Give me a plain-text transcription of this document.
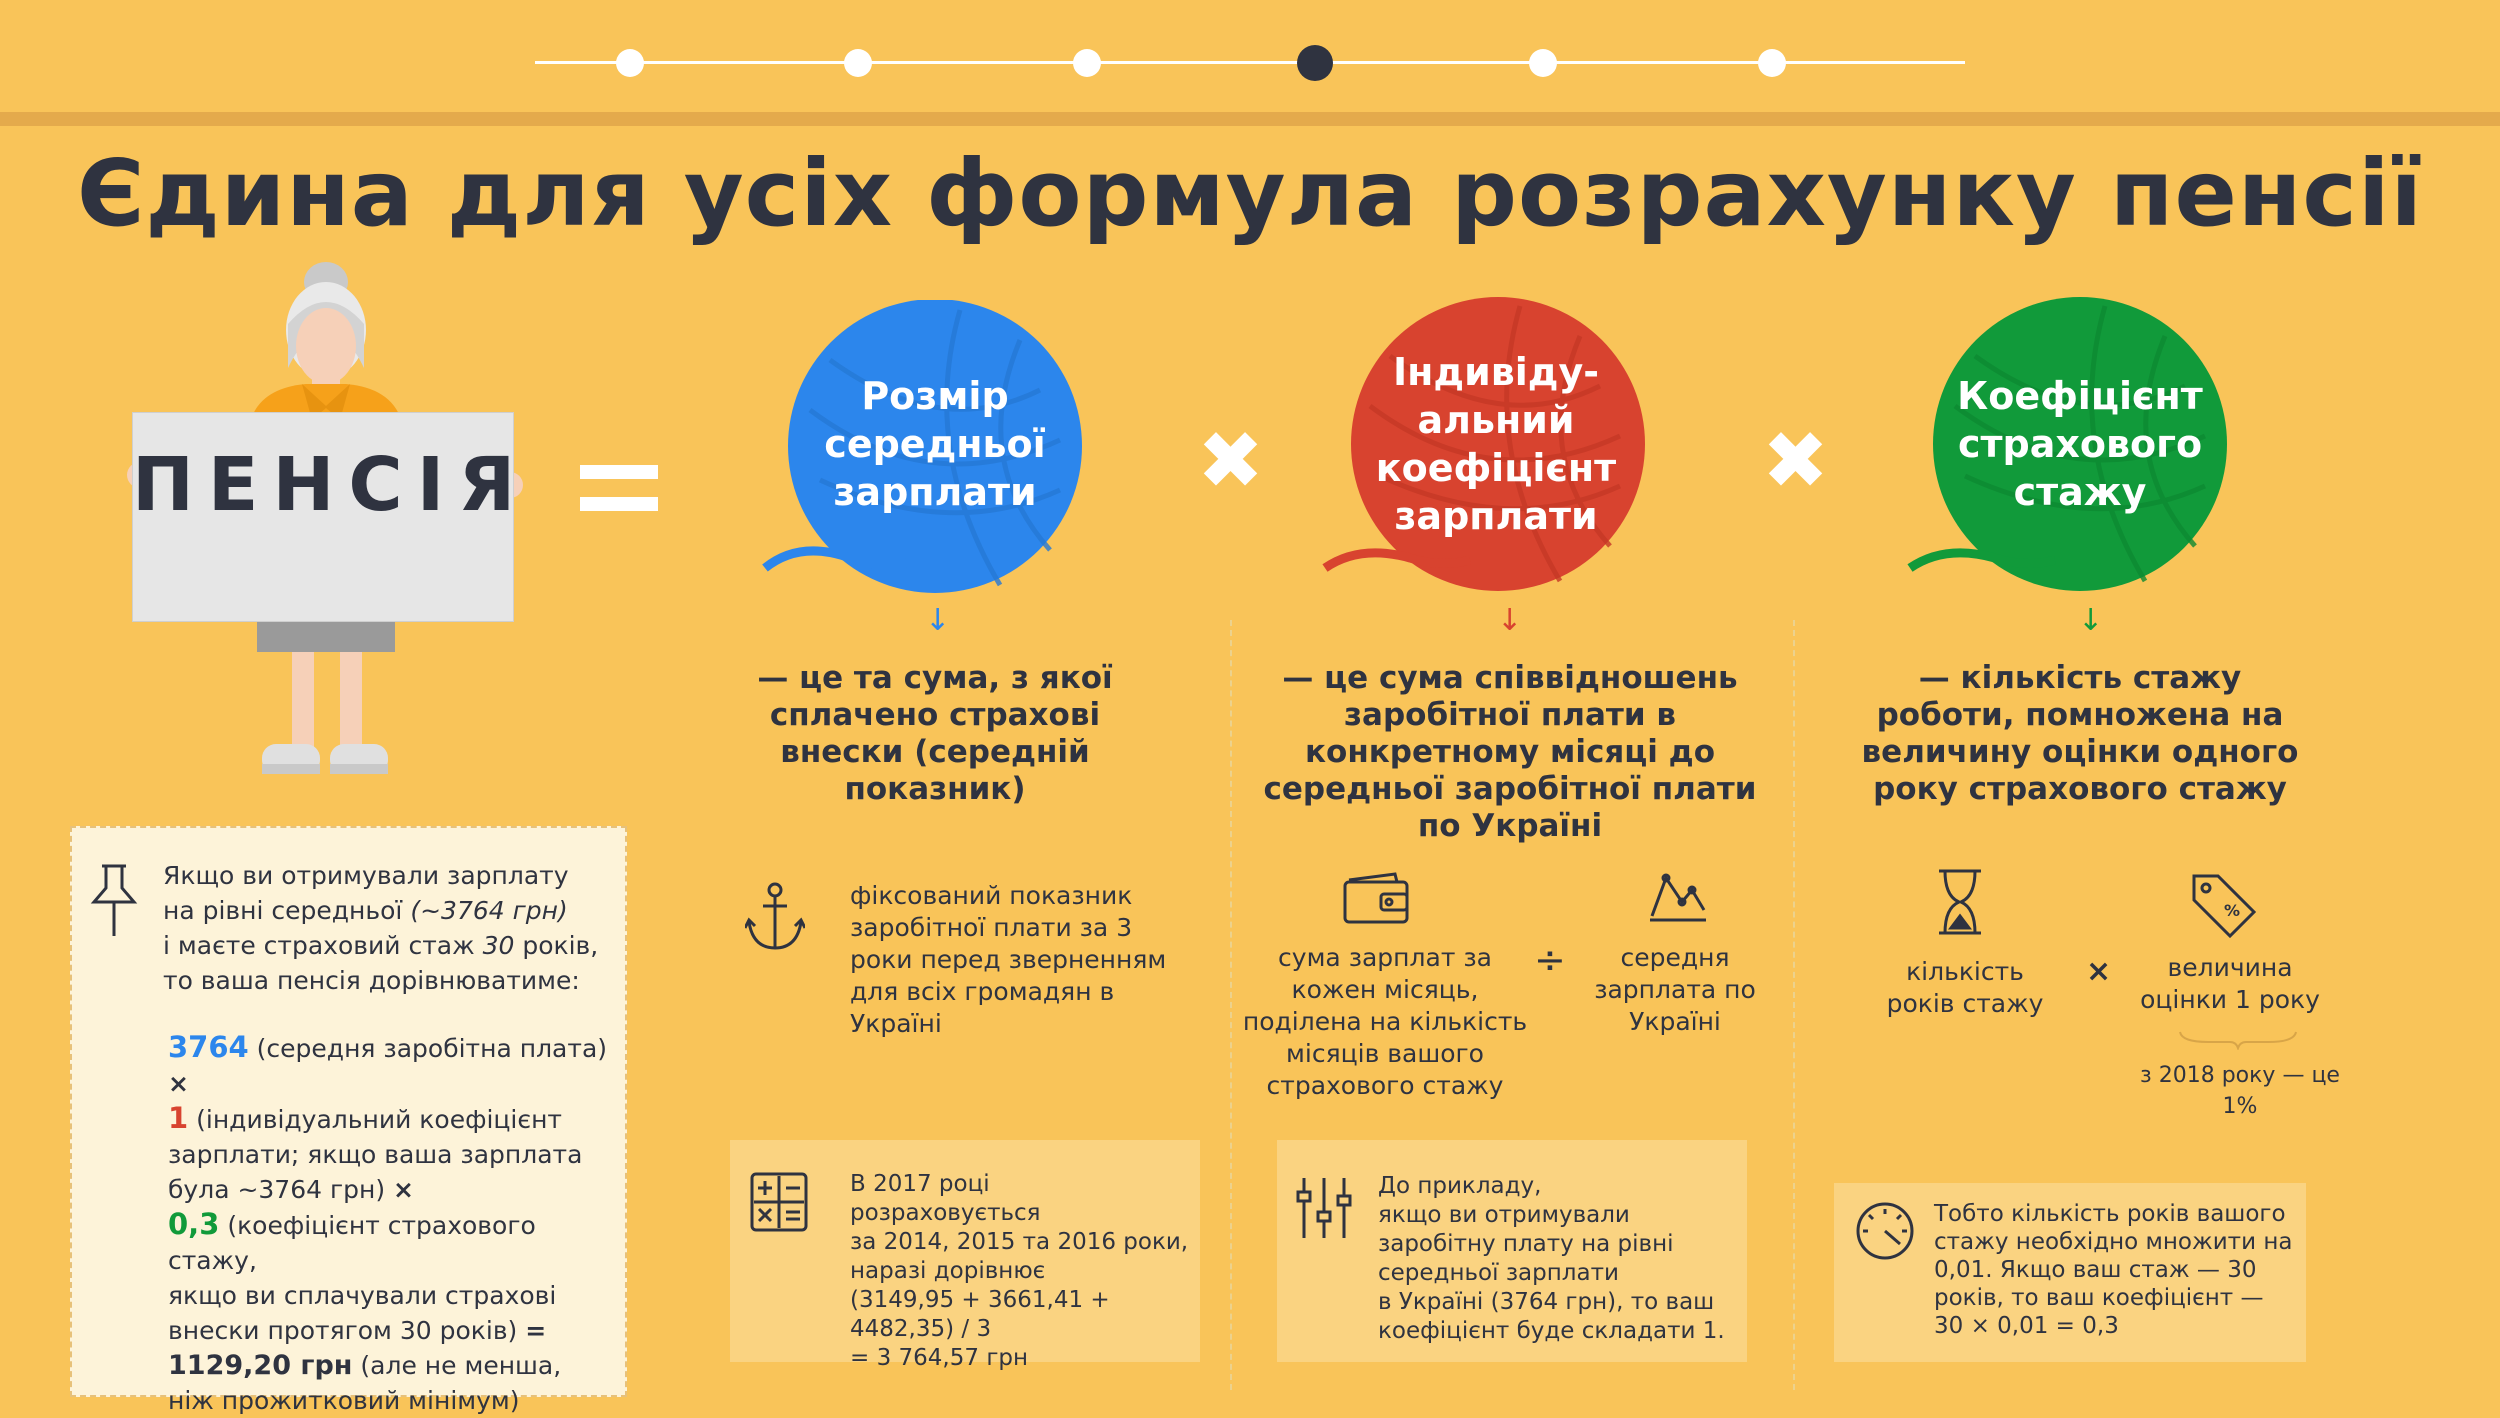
Єдина для усіх формула розрахунку пенсії
ПЕНСІЯ
Розмір середньої зарплати
↓
✖
Індивіду-альний коефіцієнт зарплати
↓
✖
Коефіцієнт страхового стажу
↓
— це та сума, з якої сплачено страхові внески (середній показник)
— це сума співвідношень заробітної плати в конкретному місяці до середньої заробітної плати по Україні
— кількість стажу роботи, помножена на величину оцінки одного року страхового стажу
фіксований показник заробітної плати за 3 роки перед зверненням для всіх громадян в Україні
В 2017 році
розраховується
за 2014, 2015 та 2016 роки,
наразі дорівнює
(3149,95 + 3661,41 + 4482,35) / 3
= 3 764,57 грн
сума зарплат за кожен місяць, поділена на кількість місяців вашого страхового стажу
÷	середня зарплата по Україні
До прикладу,
якщо ви отримували
заробітну плату на рівні
середньої зарплати
в Україні (3764 грн), то ваш
коефіцієнт буде складати 1.
%
кількість років стажу
×	величина оцінки 1 року
з 2018 року — це 1%
Тобто кількість років вашого
стажу необхідно множити на
0,01. Якщо ваш стаж — 30
років, то ваш коефіцієнт —
30 × 0,01 = 0,3
Якщо ви отримували зарплату
на рівні середньої (~3764 грн)
і маєте страховий стаж 30 років,
то ваша пенсія дорівнюватиме:
3764 (середня заробітна плата) ×
1 (індивідуальний коефіцієнт
зарплати; якщо ваша зарплата
була ~3764 грн) ×
0,3 (коефіцієнт страхового стажу,
якщо ви сплачували страхові
внески протягом 30 років) =
1129,20 грн (але не менша,
ніж прожитковий мінімум)
